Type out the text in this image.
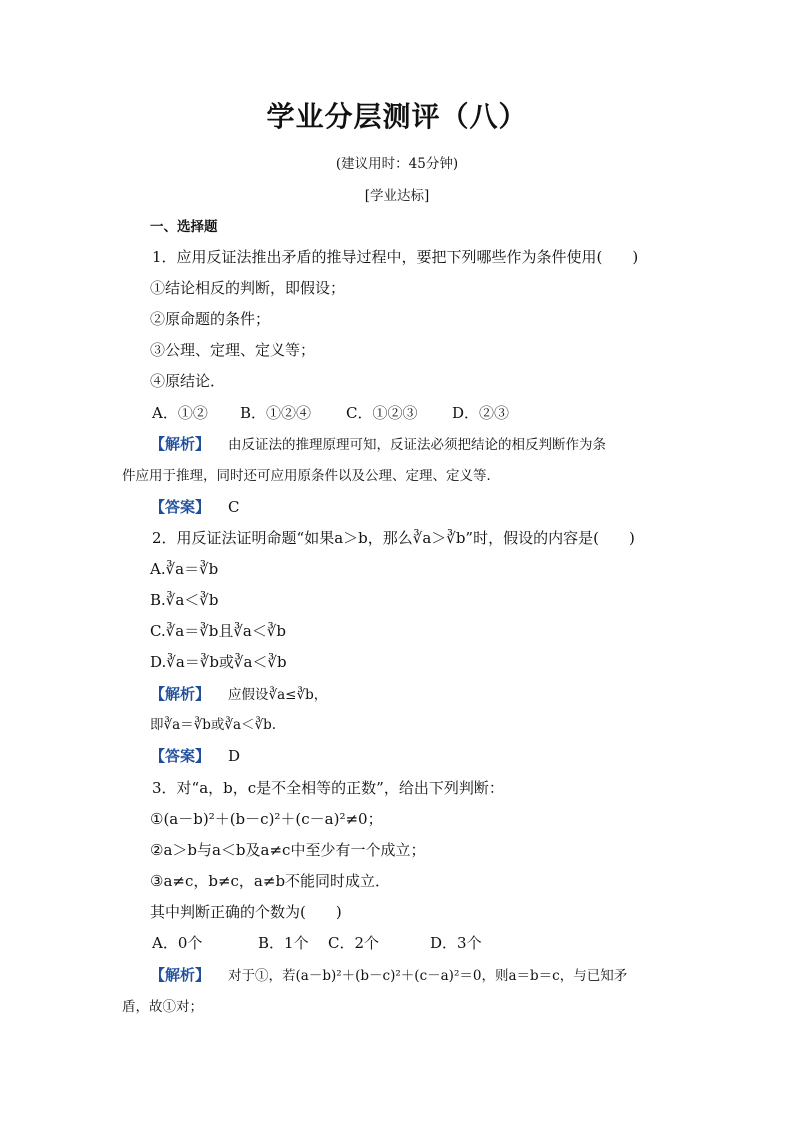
学业分层测评（八）
(建议用时：45分钟)
[学业达标]
一、选择题
1．应用反证法推出矛盾的推导过程中，要把下列哪些作为条件使用(　　)
①结论相反的判断，即假设；
②原命题的条件；
③公理、定理、定义等；
④原结论．
A．①② B．①②④ C．①②③ D．②③
【解析】 由反证法的推理原理可知，反证法必须把结论的相反判断作为条
件应用于推理，同时还可应用原条件以及公理、定理、定义等．
【答案】 C
2．用反证法证明命题“如果a＞b，那么∛a＞∛b”时，假设的内容是(　　)
A.∛a＝∛b
B.∛a＜∛b
C.∛a＝∛b且∛a＜∛b
D.∛a＝∛b或∛a＜∛b
【解析】 应假设∛a≤∛b，
即∛a＝∛b或∛a＜∛b.
【答案】 D
3．对“a，b，c是不全相等的正数”，给出下列判断：
①(a－b)²＋(b－c)²＋(c－a)²≠0；
②a＞b与a＜b及a≠c中至少有一个成立；
③a≠c，b≠c，a≠b不能同时成立．
其中判断正确的个数为(　　)
A．0个	B．1个 C．2个	D．3个
【解析】 对于①，若(a－b)²＋(b－c)²＋(c－a)²＝0，则a＝b＝c，与已知矛
盾，故①对；
